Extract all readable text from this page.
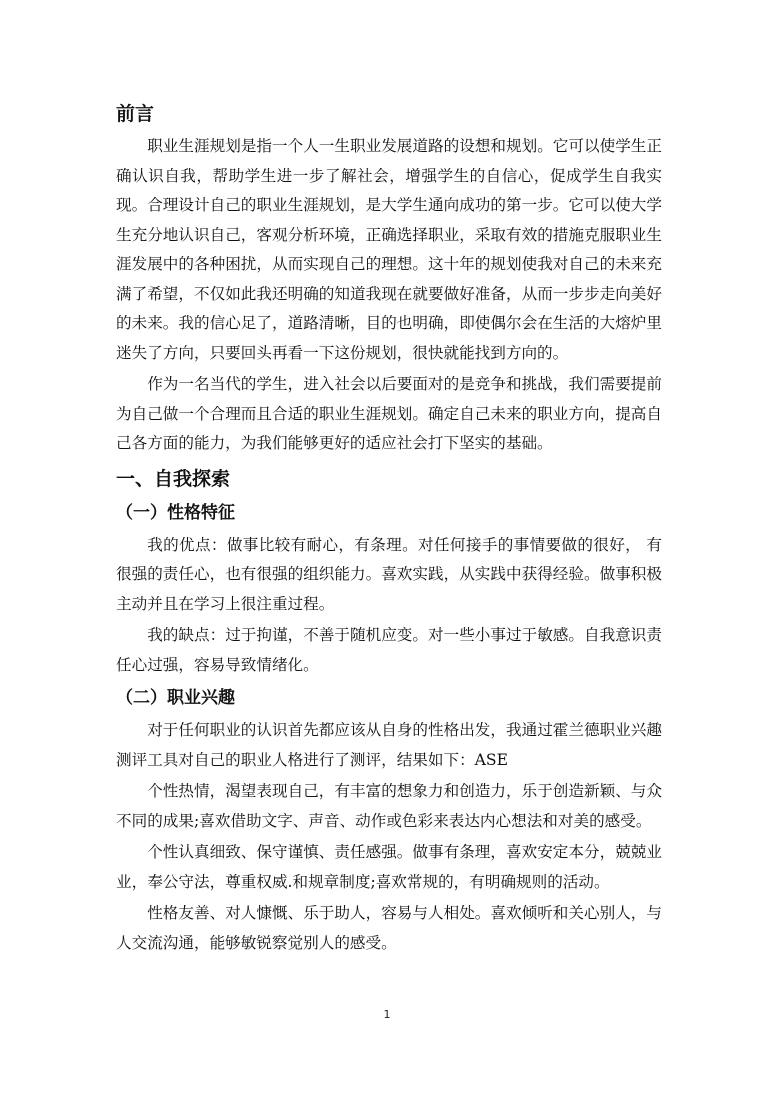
前言
职业生涯规划是指一个人一生职业发展道路的设想和规划。它可以使学生正确认识自我，帮助学生进一步了解社会，增强学生的自信心，促成学生自我实现。合理设计自己的职业生涯规划，是大学生通向成功的第一步。它可以使大学生充分地认识自己，客观分析环境，正确选择职业，采取有效的措施克服职业生涯发展中的各种困扰，从而实现自己的理想。这十年的规划使我对自己的未来充满了希望，不仅如此我还明确的知道我现在就要做好准备，从而一步步走向美好的未来。我的信心足了，道路清晰，目的也明确，即使偶尔会在生活的大熔炉里迷失了方向，只要回头再看一下这份规划，很快就能找到方向的。
作为一名当代的学生，进入社会以后要面对的是竞争和挑战，我们需要提前为自己做一个合理而且合适的职业生涯规划。确定自己未来的职业方向，提高自己各方面的能力，为我们能够更好的适应社会打下坚实的基础。
一、自我探索
（一）性格特征
我的优点：做事比较有耐心，有条理。对任何接手的事情要做的很好， 有很强的责任心，也有很强的组织能力。喜欢实践，从实践中获得经验。做事积极主动并且在学习上很注重过程。
我的缺点：过于拘谨，不善于随机应变。对一些小事过于敏感。自我意识责任心过强，容易导致情绪化。
（二）职业兴趣
对于任何职业的认识首先都应该从自身的性格出发，我通过霍兰德职业兴趣测评工具对自己的职业人格进行了测评，结果如下：ASE
个性热情，渴望表现自己，有丰富的想象力和创造力，乐于创造新颖、与众不同的成果;喜欢借助文字、声音、动作或色彩来表达内心想法和对美的感受。
个性认真细致、保守谨慎、责任感强。做事有条理，喜欢安定本分，兢兢业业，奉公守法，尊重权威.和规章制度;喜欢常规的，有明确规则的活动。
性格友善、对人慷慨、乐于助人，容易与人相处。喜欢倾听和关心别人，与人交流沟通，能够敏锐察觉别人的感受。
1
